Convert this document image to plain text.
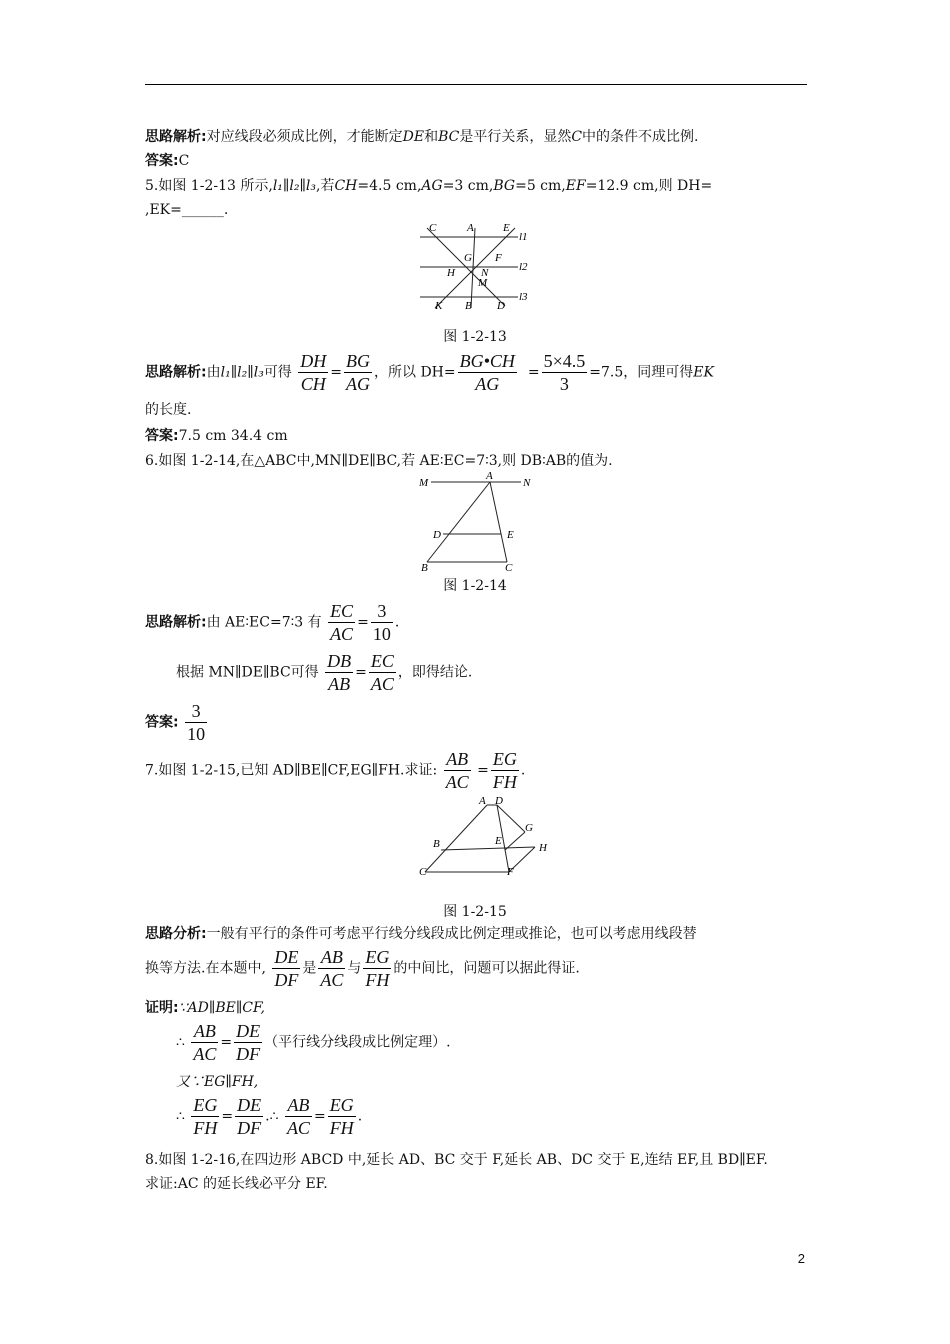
思路解析:对应线段必须成比例，才能断定DE和BC是平行关系，显然C中的条件不成比例.
答案:C
5.如图 1-2-13 所示,l₁∥l₂∥l₃,若CH=4.5 cm,AG=3 cm,BG=5 cm,EF=12.9 cm,则 DH=
,EK=______.
C	A	E
l1
G F
H N	l2
M
K B D
l3
图 1-2-13
思路解析:由l₁∥l₂∥l₃可得 $\frac{DH}{CH} = \frac{BG}{AG}$ ，所以 $DH= \frac{BG•CH}{AG} = \frac{5\times 4.5}{3} =7.5$，同理可得EK
的长度.
答案:7.5 cm 34.4 cm
6.如图 1-2-14,在△ABC中,MN∥DE∥BC,若 AE∶EC=7∶3,则 DB∶AB的值为.
M
A
N
D	E
B	C
图 1-2-14
思路解析:由 AE∶EC=7∶3 有 $\frac{EC}{AC} = \frac{3}{10}$ .
根据 MN∥DE∥BC可得 $\frac{DB}{AB} = \frac{EC}{AC}$ ，即得结论.
答案: $\frac{3}{10}$
7.如图 1-2-15,已知 AD∥BE∥CF,EG∥FH.求证: $\frac{AB}{AC} = \frac{EG}{FH}$ .
A D
G
B	E
H
C	F
图 1-2-15
思路分析:一般有平行的条件可考虑平行线分线段成比例定理或推论，也可以考虑用线段替
换等方法.在本题中, $\frac{DE}{DF}$ 是 $\frac{AB}{AC}$ 与 $\frac{EG}{FH}$ 的中间比，问题可以据此得证.
证明:∵AD∥BE∥CF,
∴ $\frac{AB}{AC} = \frac{DE}{DF}$ （平行线分线段成比例定理）.
又∵EG∥FH,
∴ $\frac{EG}{FH} = \frac{DE}{DF}$ .∴ $\frac{AB}{AC} = \frac{EG}{FH}$ .
8.如图 1-2-16,在四边形 ABCD 中,延长 AD、BC 交于 F,延长 AB、DC 交于 E,连结 EF,且 BD∥EF.
求证:AC 的延长线必平分 EF.
2
